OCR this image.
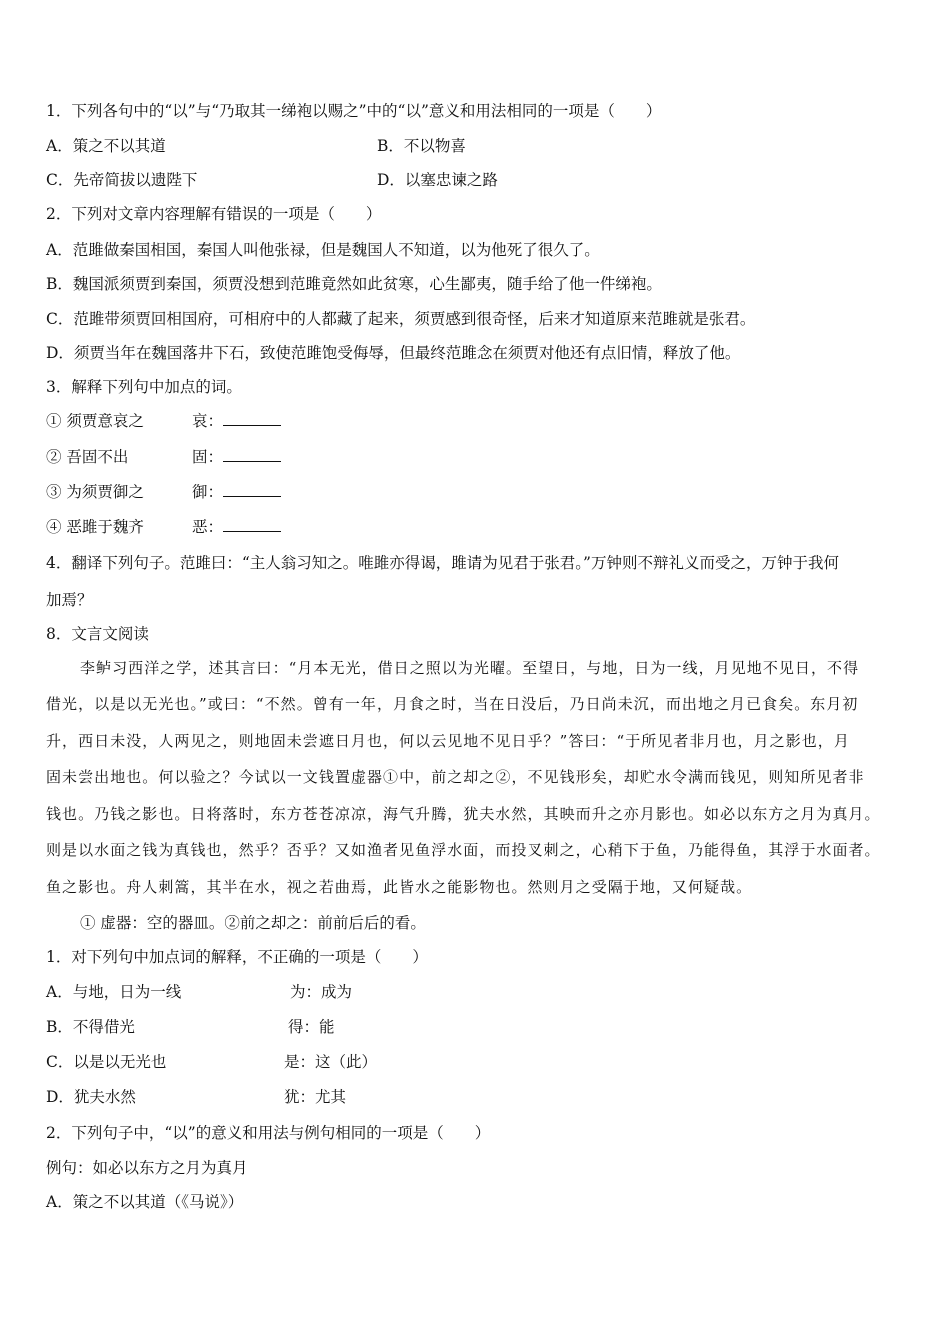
1．下列各句中的“以”与“乃取其一绨袍以赐之”中的“以”意义和用法相同的一项是（　　）
A．策之不以其道	B．不以物喜
C．先帝简拔以遗陛下	D．以塞忠谏之路
2．下列对文章内容理解有错误的一项是（　　）
A．范雎做秦国相国，秦国人叫他张禄，但是魏国人不知道，以为他死了很久了。
B．魏国派须贾到秦国，须贾没想到范雎竟然如此贫寒，心生鄙夷，随手给了他一件绨袍。
C．范雎带须贾回相国府，可相府中的人都藏了起来，须贾感到很奇怪，后来才知道原来范雎就是张君。
D．须贾当年在魏国落井下石，致使范雎饱受侮辱，但最终范雎念在须贾对他还有点旧情，释放了他。
3．解释下列句中加点的词。
① 须贾意哀之	哀：
② 吾固不出	固：
③ 为须贾御之	御：
④ 恶雎于魏齐	恶：
4．翻译下列句子。范雎曰：“主人翁习知之。唯雎亦得谒，雎请为见君于张君。”万钟则不辩礼义而受之，万钟于我何
加焉？
8．文言文阅读
李鲈习西洋之学，述其言曰：“月本无光，借日之照以为光曜。至望日，与地，日为一线，月见地不见日，不得
借光，以是以无光也。”或曰：“不然。曾有一年，月食之时，当在日没后，乃日尚未沉，而出地之月已食矣。东月初
升，西日未没，人两见之，则地固未尝遮日月也，何以云见地不见日乎？”答曰：“于所见者非月也，月之影也，月
固未尝出地也。何以验之？今试以一文钱置虚器①中，前之却之②，不见钱形矣，却贮水令满而钱见，则知所见者非
钱也。乃钱之影也。日将落时，东方苍苍凉凉，海气升腾，犹夫水然，其映而升之亦月影也。如必以东方之月为真月。
则是以水面之钱为真钱也，然乎？否乎？又如渔者见鱼浮水面，而投叉刺之，心稍下于鱼，乃能得鱼，其浮于水面者。
鱼之影也。舟人刺篙，其半在水，视之若曲焉，此皆水之能影物也。然则月之受隔于地，又何疑哉。
① 虚器：空的器皿。②前之却之：前前后后的看。
1．对下列句中加点词的解释，不正确的一项是（　　）
A．与地，日为一线	为：成为
B．不得借光	得：能
C．以是以无光也	是：这（此）
D．犹夫水然	犹：尤其
2．下列句子中，“以”的意义和用法与例句相同的一项是（　　）
例句：如必以东方之月为真月
A．策之不以其道（《马说》）
